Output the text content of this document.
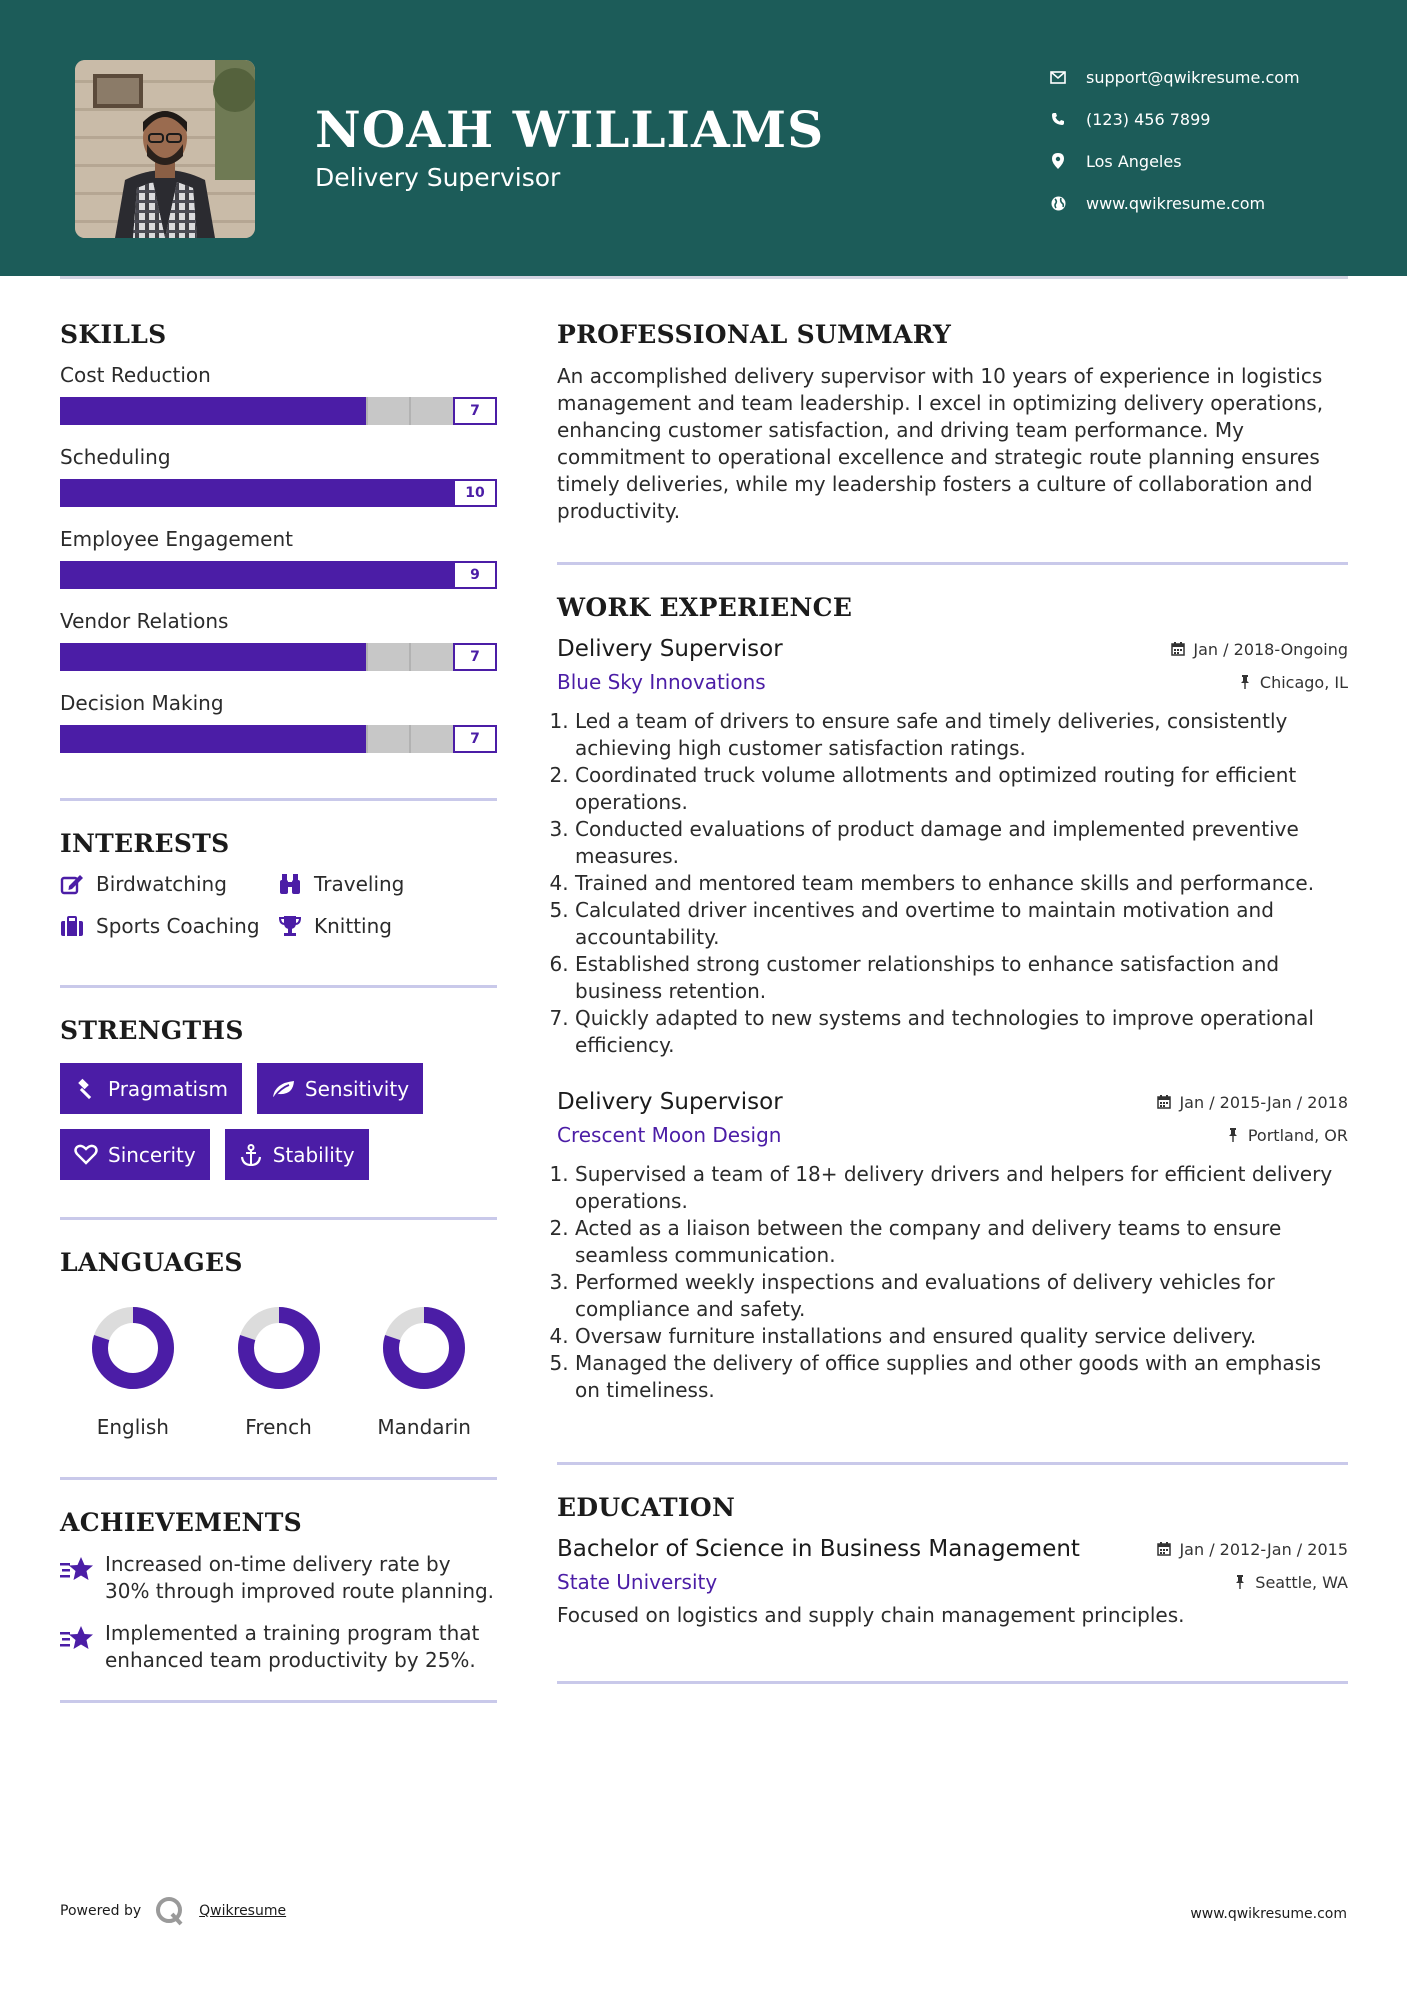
NOAH WILLIAMS
Delivery Supervisor
support@qwikresume.com
(123) 456 7899
Los Angeles
www.qwikresume.com
SKILLS
Cost Reduction
7
Scheduling
10
Employee Engagement
9
Vendor Relations
7
Decision Making
7
INTERESTS
Birdwatching	Traveling
Sports Coaching	Knitting
STRENGTHS
Pragmatism	Sensitivity
Sincerity	Stability
LANGUAGES
English	French	Mandarin
ACHIEVEMENTS
Increased on-time delivery rate by 30% through improved route planning.
Implemented a training program that enhanced team productivity by 25%.
PROFESSIONAL SUMMARY
An accomplished delivery supervisor with 10 years of experience in logistics management and team leadership. I excel in optimizing delivery operations, enhancing customer satisfaction, and driving team performance. My commitment to operational excellence and strategic route planning ensures timely deliveries, while my leadership fosters a culture of collaboration and productivity.
WORK EXPERIENCE
Delivery Supervisor	Jan / 2018-Ongoing
Blue Sky Innovations	Chicago, IL
1. Led a team of drivers to ensure safe and timely deliveries, consistently achieving high customer satisfaction ratings.
2. Coordinated truck volume allotments and optimized routing for efficient operations.
3. Conducted evaluations of product damage and implemented preventive measures.
4. Trained and mentored team members to enhance skills and performance.
5. Calculated driver incentives and overtime to maintain motivation and accountability.
6. Established strong customer relationships to enhance satisfaction and business retention.
7. Quickly adapted to new systems and technologies to improve operational efficiency.
Delivery Supervisor	Jan / 2015-Jan / 2018
Crescent Moon Design	Portland, OR
1. Supervised a team of 18+ delivery drivers and helpers for efficient delivery operations.
2. Acted as a liaison between the company and delivery teams to ensure seamless communication.
3. Performed weekly inspections and evaluations of delivery vehicles for compliance and safety.
4. Oversaw furniture installations and ensured quality service delivery.
5. Managed the delivery of office supplies and other goods with an emphasis on timeliness.
EDUCATION
Bachelor of Science in Business Management	Jan / 2012-Jan / 2015
State University	Seattle, WA
Focused on logistics and supply chain management principles.
Powered by	Qwikresume	www.qwikresume.com
